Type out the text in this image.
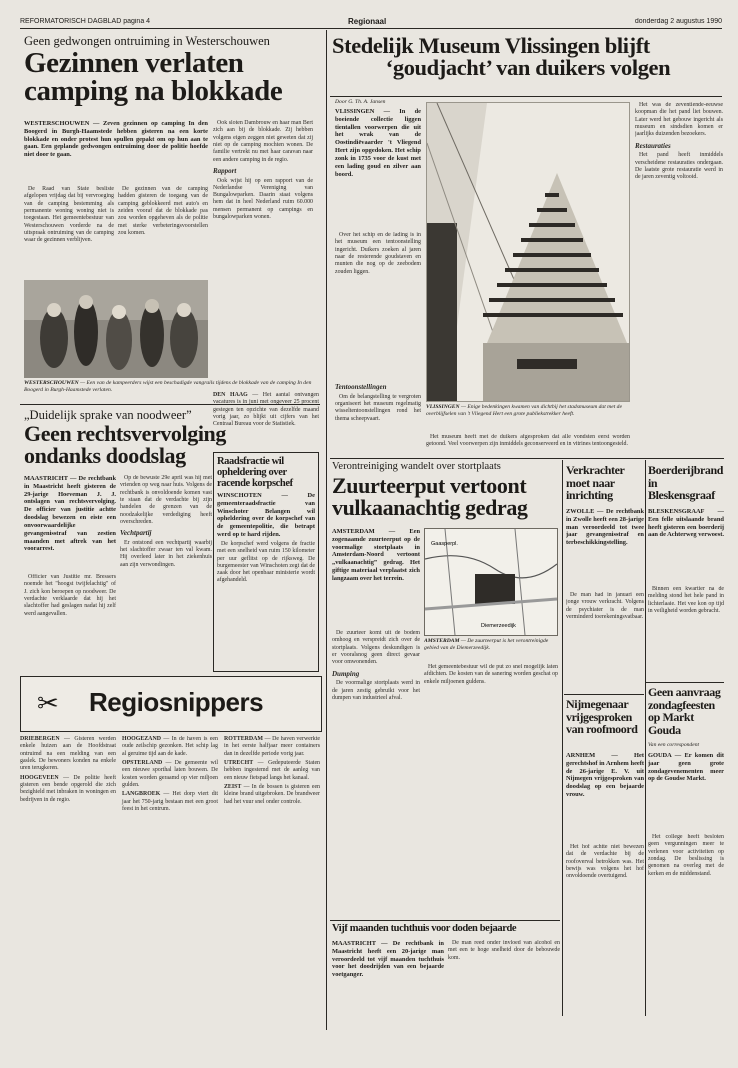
REFORMATORISCH DAGBLAD pagina 4	Regionaal	donderdag 2 augustus 1990
Geen gedwongen ontruiming in Westerschouwen
Gezinnen verlaten
camping na blokkade
WESTERSCHOUWEN — Zeven gezinnen op camping In den Boogerd in Burgh-Haamstede hebben gisteren na een korte blokkade en onder protest hun spullen gepakt om op hun aan te gaan. Een geplande gedwongen ontruiming door de politie hoefde niet door te gaan.

De Raad van State besliste afgelopen vrijdag dat bij vervroeging van de camping bestemming als permanente woning woning niet is toegestaan. Het gemeentebestuur van Westerschouwen vorderde na de uitspraak ontruiming van de camping waar de gezinnen verblijven.

De gezinnen van de camping hadden gisteren de toegang van de camping geblokkeerd met auto's en zeiden vooraf dat de blokkade pas zou worden opgeheven als de politie met sterke verbeteringsvoorstellen zou komen.

Ook sloten Dambrouw en haar man Bert zich aan bij de blokkade. Zij hebben volgens eigen zeggen niet geweten dat zij niet op de camping mochten wonen. De familie vertrekt nu met haar caravan naar een andere camping in de regio.

Rapport

Ook wijst hij op een rapport van de Nederlandse Vereniging van Bungalowparken. Daarin staat volgens hem dat in heel Nederland ruim 60.000 mensen permanent op campings en bungalowparken wonen.

WESTERSCHOUWEN — Een van de kampeerders wijst een beschadigde vangrails tijdens de blokkade van de camping In den Boogerd in Burgh-Haamstede verlaten.
„Duidelijk sprake van noodweer”
Geen rechtsvervolging
ondanks doodslag
MAASTRICHT — De rechtbank in Maastricht heeft gisteren de 29-jarige Hoeveman J. J. ontslagen van rechtsvervolging. De officier van justitie achtte doodslag bewezen en eiste een onvoorwaardelijke gevangenisstraf van zestien maanden met aftrek van het voorarrest.

Officier van Justitie mr. Bressers noemde het "hoogst twijfelachtig" of J. zich kon beroepen op noodweer. De verdachte verklaarde dat hij het slachtoffer had geslagen nadat hij zelf werd aangevallen.

Op de bewuste 29e april was hij met vrienden op weg naar huis. Volgens de rechtbank is onvoldoende komen vast te staan dat de verdachte bij zijn handelen de grenzen van de noodzakelijke verdediging heeft overschreden.

Vechtpartij

Er ontstond een vechtpartij waarbij het slachtoffer zwaar ten val kwam. Hij overleed later in het ziekenhuis aan zijn verwondingen.

Raadsfractie wil opheldering over racende korpschef
WINSCHOTEN — De gemeenteraadsfractie van Winschoter Belangen wil opheldering over de korpschef van de gemeentepolitie, die betrapt werd op te hard rijden.

De korpschef werd volgens de fractie met een snelheid van ruim 150 kilometer per uur geflitst op de rijksweg. De burgemeester van Winschoten zegt dat de zaak door het openbaar ministerie wordt afgehandeld.

DEN HAAG — Het aantal ontvangen vacatures is in juni met ongeveer 25 procent gestegen ten opzichte van dezelfde maand vorig jaar, zo blijkt uit cijfers van het Centraal Bureau voor de Statistiek.

Stedelijk Museum Vlissingen blijft
‘goudjacht’ van duikers volgen
Door G. Th. A. Jansen
VLISSINGEN — In de boeiende collectie liggen tientallen voorwerpen die uit het wrak van de Oostindiëvaarder 't Vliegend Hert zijn opgedoken. Het schip zonk in 1735 voor de kust met een lading goud en zilver aan boord.

Over het schip en de lading is in het museum een tentoonstelling ingericht. Duikers zoeken al jaren naar de resterende goudstaven en munten die nog op de zeebodem zouden liggen.

Tentoonstellingen

Om de belangstelling te vergroten organiseert het museum regelmatig wisseltentoonstellingen rond het thema scheepvaart.

VLISSINGEN — Enige bedenkingen kwamen van dichtbij het stadsmuseum dat met de overblijfselen van 't Vliegend Hert een grote publiekstrekker heeft.

Het museum heeft met de duikers afgesproken dat alle vondsten eerst worden getoond. Veel voorwerpen zijn inmiddels geconserveerd en in vitrines tentoongesteld.

Het was de zeventiende-eeuwse koopman die het pand liet bouwen. Later werd het gebouw ingericht als museum en sindsdien komen er jaarlijks duizenden bezoekers.

Restauraties

Het pand heeft inmiddels verscheidene restauraties ondergaan. De laatste grote restauratie werd in de jaren zeventig voltooid.

Verontreiniging wandelt over stortplaats
Zuurteerput vertoont
vulkaanachtig gedrag
AMSTERDAM — Een zogenaamde zuurteerput op de voormalige stortplaats in Amsterdam-Noord vertoont „vulkaanachtig” gedrag. Het giftige materiaal verplaatst zich langzaam over het terrein.

De zuurteer komt uit de bodem omhoog en verspreidt zich over de stortplaats. Volgens deskundigen is er vooralsnog geen direct gevaar voor omwonenden.

Dumping

De voormalige stortplaats werd in de jaren zestig gebruikt voor het dumpen van industrieel afval.

Gaasperpl.
Diemerzeedijk
AMSTERDAM — De zuurteerput is het verontreinigde gebied van de Diemerzeedijk.

Het gemeentebestuur wil de put zo snel mogelijk laten afdichten. De kosten van de sanering worden geschat op enkele miljoenen guldens.

Vijf maanden tuchthuis voor doden bejaarde
MAASTRICHT — De rechtbank in Maastricht heeft een 20-jarige man veroordeeld tot vijf maanden tuchthuis voor het doodrijden van een bejaarde voetganger.

De man reed onder invloed van alcohol en met een te hoge snelheid door de bebouwde kom.

Verkrachter moet naar inrichting
ZWOLLE — De rechtbank in Zwolle heeft een 28-jarige man veroordeeld tot twee jaar gevangenisstraf en terbeschikkingstelling.

De man had in januari een jonge vrouw verkracht. Volgens de psychiater is de man verminderd toerekeningsvatbaar.

Nijmegenaar vrijgesproken van roofmoord
ARNHEM — Het gerechtshof in Arnhem heeft de 26-jarige E. V. uit Nijmegen vrijgesproken van doodslag op een bejaarde vrouw.

Het hof achtte niet bewezen dat de verdachte bij de roofoverval betrokken was. Het bewijs was volgens het hof onvoldoende overtuigend.

Boerderijbrand in Bleskensgraaf
BLESKENSGRAAF — Een felle uitslaande brand heeft gisteren een boerderij aan de Achterweg verwoest.

Binnen een kwartier na de melding stond het hele pand in lichterlaaie. Het vee kon op tijd in veiligheid worden gebracht.

Geen aanvraag zondagfeesten op Markt Gouda
Van een correspondent
GOUDA — Er komen dit jaar geen grote zondagevenementen meer op de Goudse Markt.

Het college heeft besloten geen vergunningen meer te verlenen voor activiteiten op zondag. De beslissing is genomen na overleg met de kerken en de middenstand.

Regiosnippers
✂

DRIEBERGEN — Gisteren werden enkele huizen aan de Hoofdstraat ontruimd na een melding van een gaslek. De bewoners konden na enkele uren terugkeren.

HOOGEVEEN — De politie heeft gisteren een bende opgerold die zich bezighield met inbraken in woningen en bedrijven in de regio.

HOOGEZAND — In de haven is een oude zeilschip gezonken. Het schip lag al geruime tijd aan de kade.

OPSTERLAND — De gemeente wil een nieuwe sporthal laten bouwen. De kosten worden geraamd op vier miljoen gulden.

LANGBROEK — Het dorp viert dit jaar het 750-jarig bestaan met een groot feest in het centrum.

ROTTERDAM — De haven verwerkte in het eerste halfjaar meer containers dan in dezelfde periode vorig jaar.

UTRECHT — Gedeputeerde Staten hebben ingestemd met de aanleg van een nieuw fietspad langs het kanaal.

ZEIST — In de bossen is gisteren een kleine brand uitgebroken. De brandweer had het vuur snel onder controle.
